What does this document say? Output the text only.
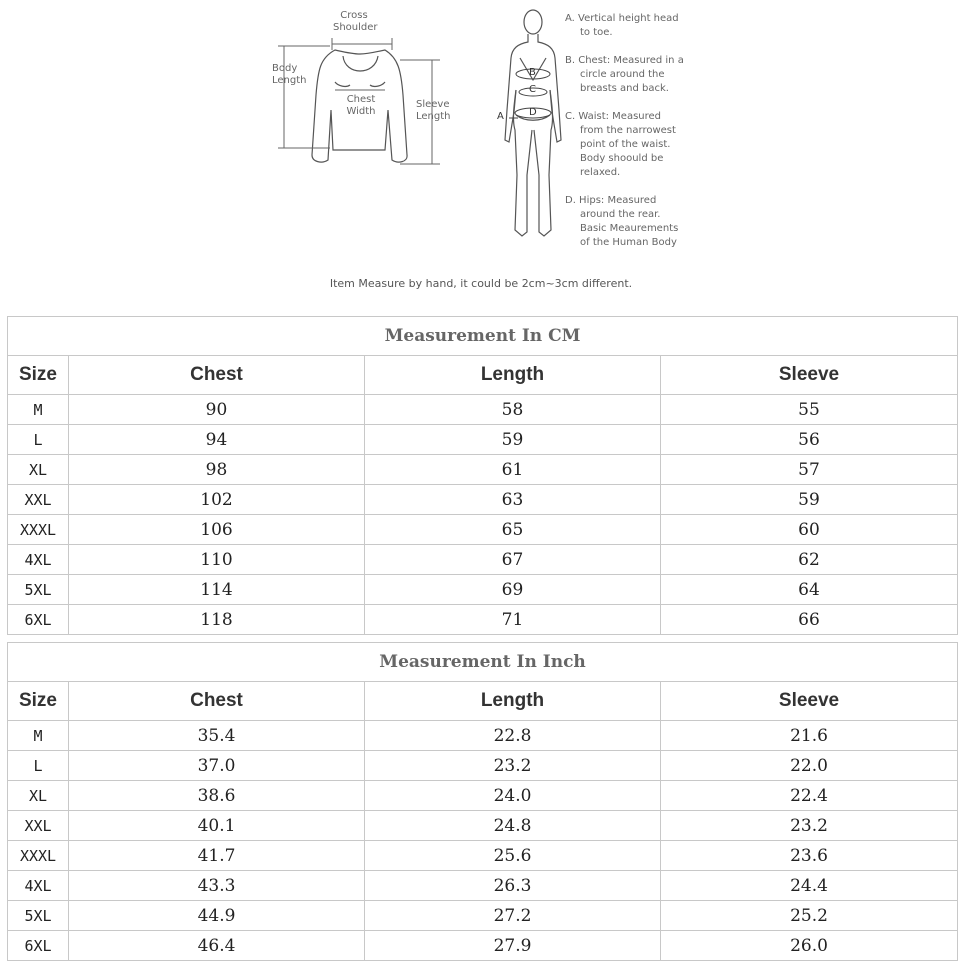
Cross
Shoulder
Body
Length
Chest
Width
Sleeve
Length	A
B
C
D
A. Vertical height head
to toe.
B. Chest: Measured in a
circle around the
breasts and back.
C. Waist: Measured
from the narrowest
point of the waist.
Body shoould be
relaxed.
D. Hips: Measured
around the rear.
Basic Meaurements
of the Human Body
Item Measure by hand, it could be 2cm~3cm different.
Measurement In CM			
Size	Chest	Length	Sleeve
M	90	58	55
L	94	59	56
XL	98	61	57
XXL	102	63	59
XXXL	106	65	60
4XL	110	67	62
5XL	114	69	64
6XL	118	71	66
Measurement In Inch			
Size	Chest	Length	Sleeve
M	35.4	22.8	21.6
L	37.0	23.2	22.0
XL	38.6	24.0	22.4
XXL	40.1	24.8	23.2
XXXL	41.7	25.6	23.6
4XL	43.3	26.3	24.4
5XL	44.9	27.2	25.2
6XL	46.4	27.9	26.0
